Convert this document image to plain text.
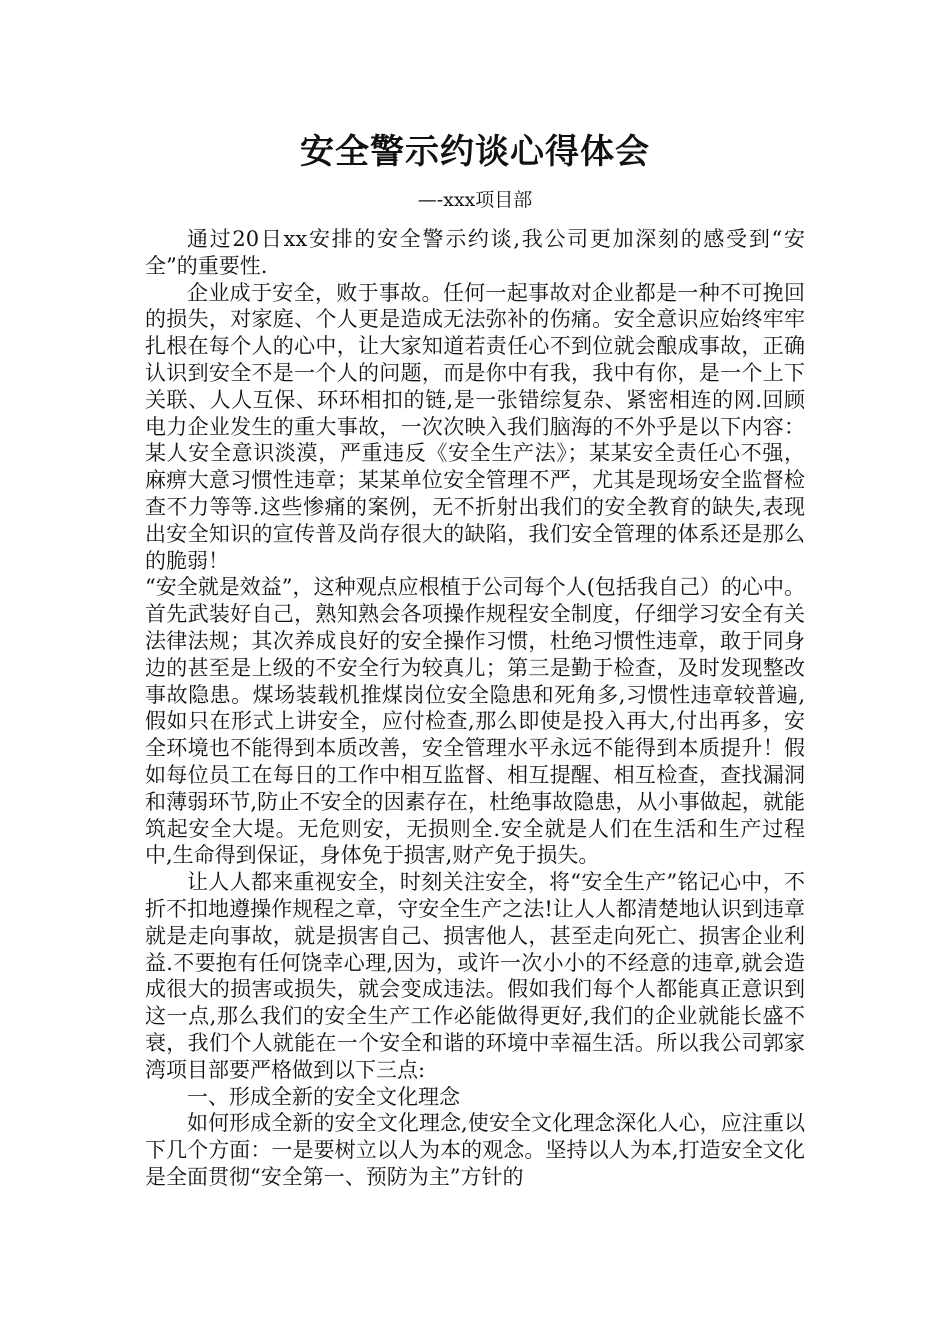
安全警示约谈心得体会
—-xxx项目部

通过20日xx安排的安全警示约谈,我公司更加深刻的感受到“安全”的重要性.

企业成于安全，败于事故。任何一起事故对企业都是一种不可挽回的损失，对家庭、个人更是造成无法弥补的伤痛。安全意识应始终牢牢扎根在每个人的心中，让大家知道若责任心不到位就会酿成事故，正确认识到安全不是一个人的问题，而是你中有我，我中有你，是一个上下关联、人人互保、环环相扣的链,是一张错综复杂、紧密相连的网.回顾电力企业发生的重大事故，一次次映入我们脑海的不外乎是以下内容：某人安全意识淡漠，严重违反《安全生产法》；某某安全责任心不强，麻痹大意习惯性违章；某某单位安全管理不严，尤其是现场安全监督检查不力等等.这些惨痛的案例，无不折射出我们的安全教育的缺失,表现出安全知识的宣传普及尚存很大的缺陷，我们安全管理的体系还是那么的脆弱！

“安全就是效益”，这种观点应根植于公司每个人(包括我自己）的心中。首先武装好自己，熟知熟会各项操作规程安全制度，仔细学习安全有关法律法规；其次养成良好的安全操作习惯，杜绝习惯性违章，敢于同身边的甚至是上级的不安全行为较真儿；第三是勤于检查，及时发现整改事故隐患。煤场装载机推煤岗位安全隐患和死角多,习惯性违章较普遍,假如只在形式上讲安全，应付检查,那么即使是投入再大,付出再多，安全环境也不能得到本质改善，安全管理水平永远不能得到本质提升！假如每位员工在每日的工作中相互监督、相互提醒、相互检查，查找漏洞和薄弱环节,防止不安全的因素存在，杜绝事故隐患，从小事做起，就能筑起安全大堤。无危则安，无损则全.安全就是人们在生活和生产过程中,生命得到保证，身体免于损害,财产免于损失。

让人人都来重视安全，时刻关注安全，将“安全生产”铭记心中，不折不扣地遵操作规程之章，守安全生产之法!让人人都清楚地认识到违章就是走向事故，就是损害自己、损害他人，甚至走向死亡、损害企业利益.不要抱有任何饶幸心理,因为，或许一次小小的不经意的违章,就会造成很大的损害或损失，就会变成违法。假如我们每个人都能真正意识到这一点,那么我们的安全生产工作必能做得更好,我们的企业就能长盛不衰，我们个人就能在一个安全和谐的环境中幸福生活。所以我公司郭家湾项目部要严格做到以下三点:

一、形成全新的安全文化理念

如何形成全新的安全文化理念,使安全文化理念深化人心，应注重以下几个方面：一是要树立以人为本的观念。坚持以人为本,打造安全文化是全面贯彻“安全第一、预防为主”方针的
